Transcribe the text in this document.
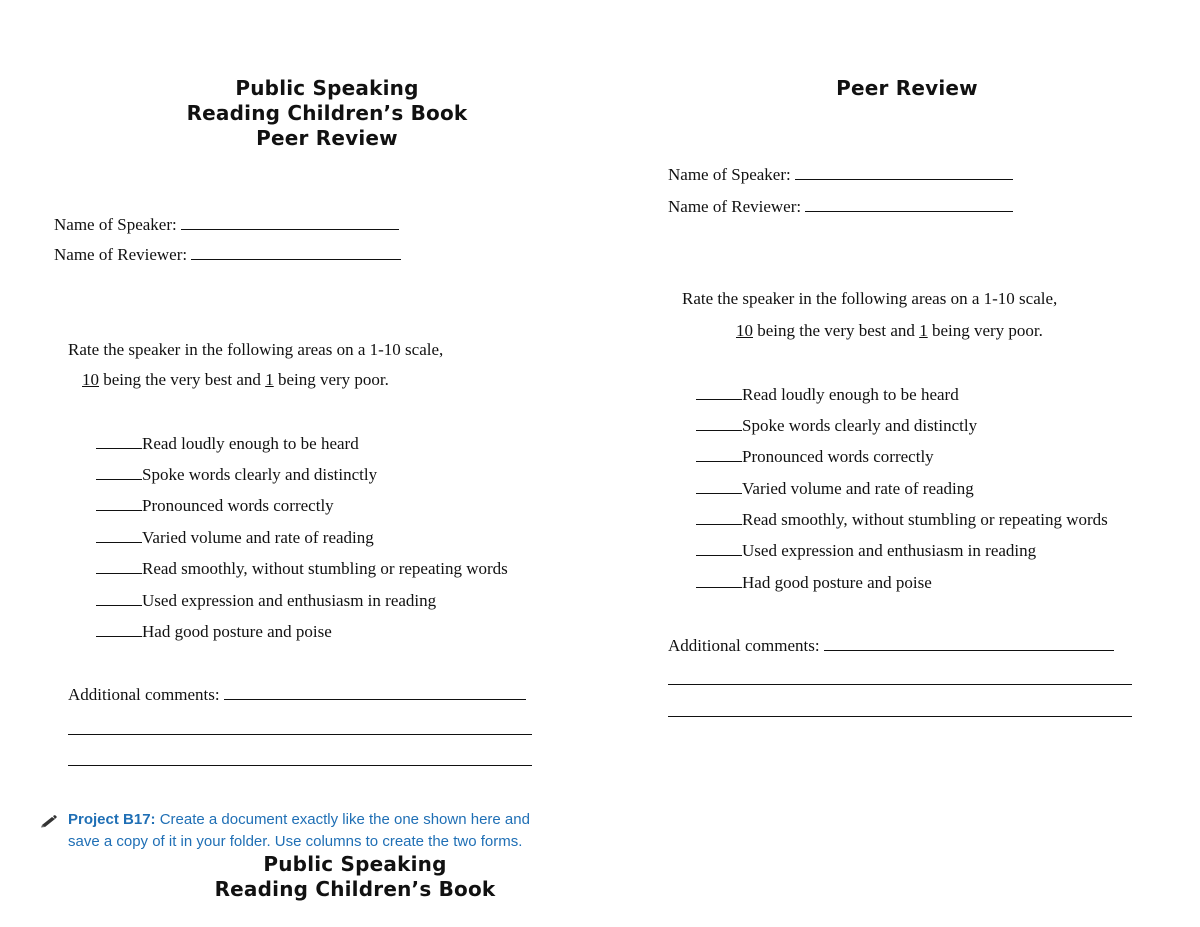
Public Speaking
Reading Children’s Book
Peer Review
Name of Speaker:
Name of Reviewer:
Rate the speaker in the following areas on a 1-10 scale,
10 being the very best and 1 being very poor.
Read loudly enough to be heard
Spoke words clearly and distinctly
Pronounced words correctly
Varied volume and rate of reading
Read smoothly, without stumbling or repeating words
Used expression and enthusiasm in reading
Had good posture and poise
Additional comments:
Peer Review
Name of Speaker:
Name of Reviewer:
Rate the speaker in the following areas on a 1-10 scale,
10 being the very best and 1 being very poor.
Read loudly enough to be heard
Spoke words clearly and distinctly
Pronounced words correctly
Varied volume and rate of reading
Read smoothly, without stumbling or repeating words
Used expression and enthusiasm in reading
Had good posture and poise
Additional comments:
Project B17: Create a document exactly like the one shown here and
save a copy of it in your folder. Use columns to create the two forms.
Public Speaking
Reading Children’s Book
